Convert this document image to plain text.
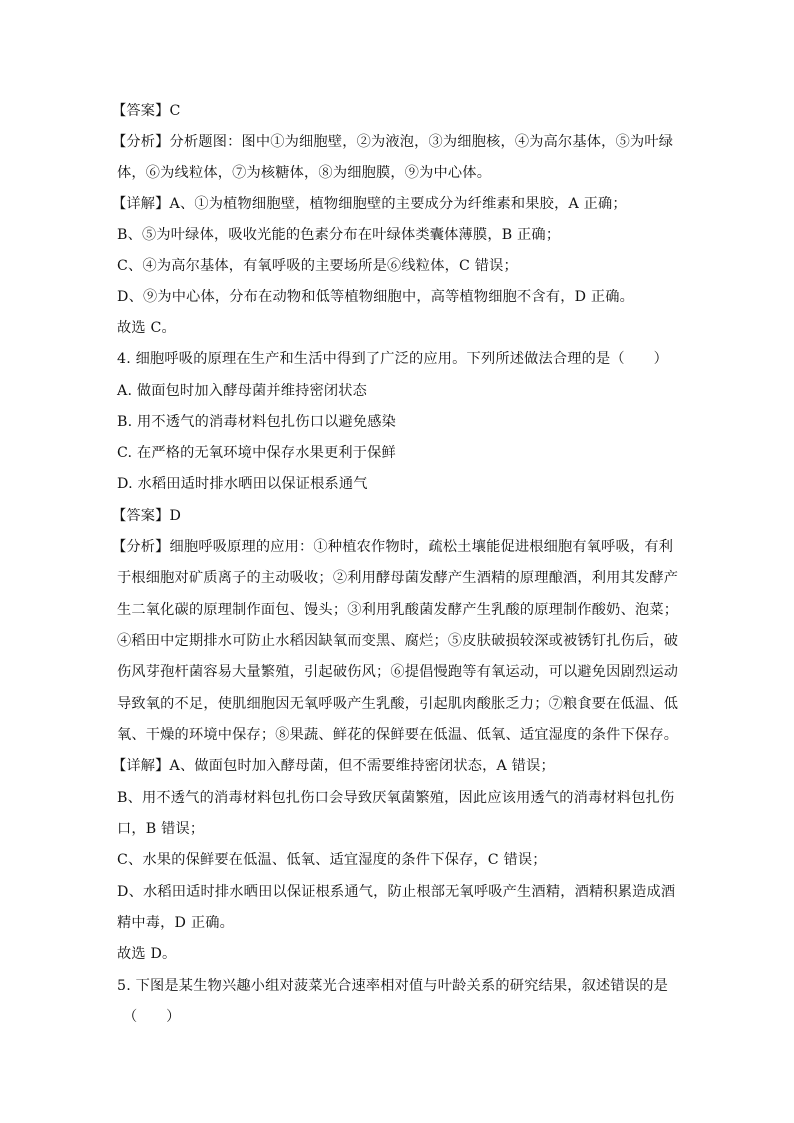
【答案】C
【分析】分析题图：图中①为细胞壁，②为液泡，③为细胞核，④为高尔基体，⑤为叶绿
体，⑥为线粒体，⑦为核糖体，⑧为细胞膜，⑨为中心体。
【详解】A、①为植物细胞壁，植物细胞壁的主要成分为纤维素和果胶，A 正确；
B、⑤为叶绿体，吸收光能的色素分布在叶绿体类囊体薄膜，B 正确；
C、④为高尔基体，有氧呼吸的主要场所是⑥线粒体，C 错误；
D、⑨为中心体，分布在动物和低等植物细胞中，高等植物细胞不含有，D 正确。
故选 C。
4. 细胞呼吸的原理在生产和生活中得到了广泛的应用。下列所述做法合理的是（　　）
A. 做面包时加入酵母菌并维持密闭状态
B. 用不透气的消毒材料包扎伤口以避免感染
C. 在严格的无氧环境中保存水果更利于保鲜
D. 水稻田适时排水晒田以保证根系通气
【答案】D
【分析】细胞呼吸原理的应用：①种植农作物时，疏松土壤能促进根细胞有氧呼吸，有利
于根细胞对矿质离子的主动吸收；②利用酵母菌发酵产生酒精的原理酿酒，利用其发酵产
生二氧化碳的原理制作面包、馒头；③利用乳酸菌发酵产生乳酸的原理制作酸奶、泡菜；
④稻田中定期排水可防止水稻因缺氧而变黑、腐烂；⑤皮肤破损较深或被锈钉扎伤后，破
伤风芽孢杆菌容易大量繁殖，引起破伤风；⑥提倡慢跑等有氧运动，可以避免因剧烈运动
导致氧的不足，使肌细胞因无氧呼吸产生乳酸，引起肌肉酸胀乏力；⑦粮食要在低温、低
氧、干燥的环境中保存；⑧果蔬、鲜花的保鲜要在低温、低氧、适宜湿度的条件下保存。
【详解】A、做面包时加入酵母菌，但不需要维持密闭状态，A 错误；
B、用不透气的消毒材料包扎伤口会导致厌氧菌繁殖，因此应该用透气的消毒材料包扎伤
口，B 错误；
C、水果的保鲜要在低温、低氧、适宜湿度的条件下保存，C 错误；
D、水稻田适时排水晒田以保证根系通气，防止根部无氧呼吸产生酒精，酒精积累造成酒
精中毒，D 正确。
故选 D。
5. 下图是某生物兴趣小组对菠菜光合速率相对值与叶龄关系的研究结果，叙述错误的是
（　　）
